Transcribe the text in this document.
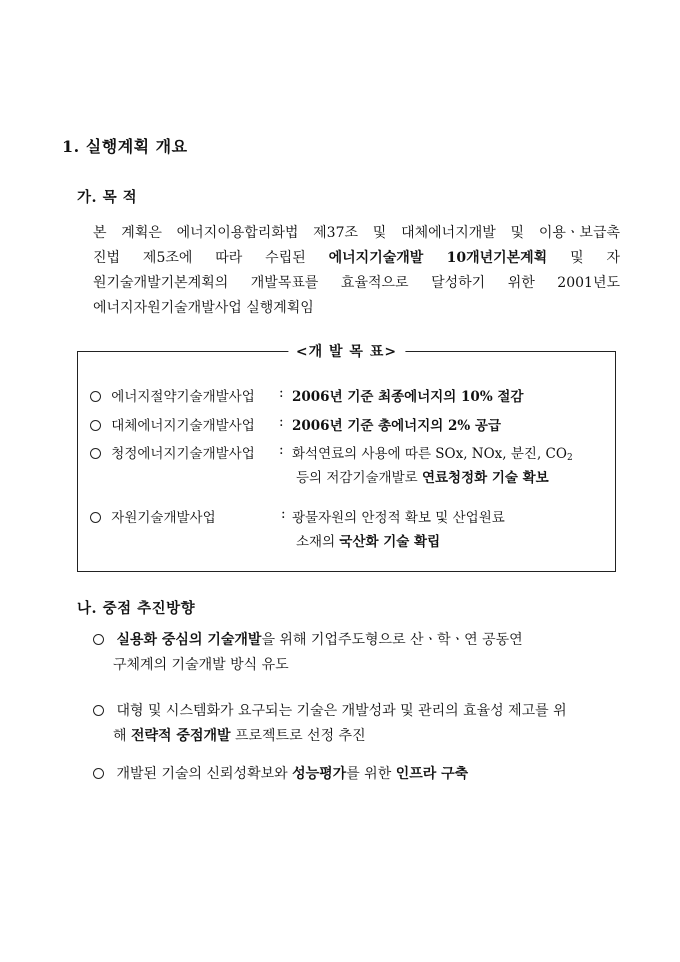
1. 실행계획 개요
가. 목 적
본 계획은 에너지이용합리화법 제37조 및 대체에너지개발 및 이용ㆍ보급촉
진법 제5조에 따라 수립된 에너지기술개발 10개년기본계획 및 자
원기술개발기본계획의 개발목표를 효율적으로 달성하기 위한 2001년도
에너지자원기술개발사업 실행계획임
<개 발 목 표>
에너지절약기술개발사업 : 2006년 기준 최종에너지의 10% 절감
대체에너지기술개발사업 : 2006년 기준 총에너지의 2% 공급
청정에너지기술개발사업 : 화석연료의 사용에 따른 SOx, NOx, 분진, $CO_2$
등의 저감기술개발로 연료청정화 기술 확보
자원기술개발사업	: 광물자원의 안정적 확보 및 산업원료
소재의 국산화 기술 확립
나. 중점 추진방향
실용화 중심의 기술개발을 위해 기업주도형으로 산ㆍ학ㆍ연 공동연
구체계의 기술개발 방식 유도
대형 및 시스템화가 요구되는 기술은 개발성과 및 관리의 효율성 제고를 위
해 전략적 중점개발 프로젝트로 선정 추진
개발된 기술의 신뢰성확보와 성능평가를 위한 인프라 구축
